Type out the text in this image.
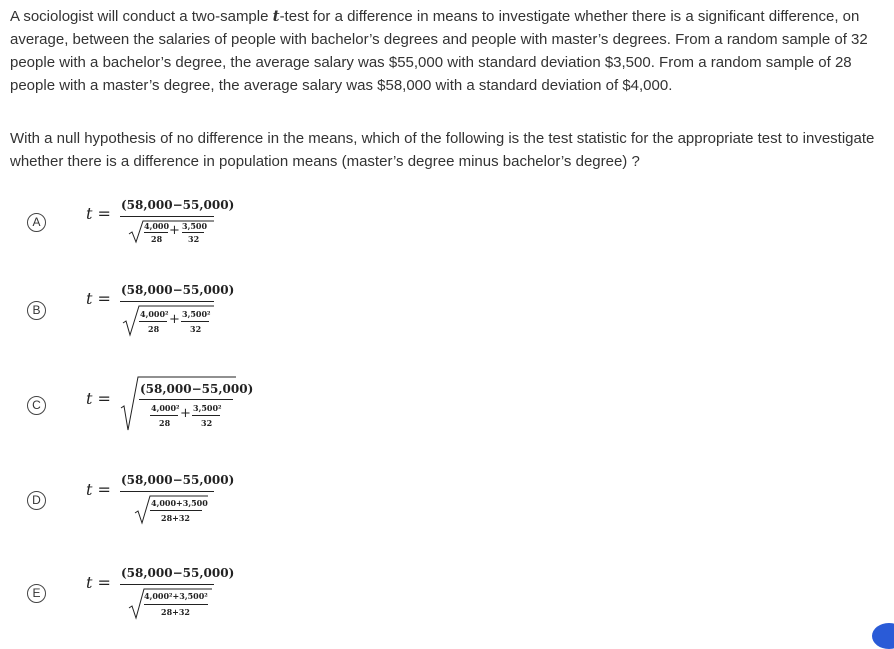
A sociologist will conduct a two-sample t-test for a difference in means to investigate whether there is a significant difference, on average, between the salaries of people with bachelor’s degrees and people with master’s degrees. From a random sample of 32 people with a bachelor’s degree, the average salary was $55,000 with standard deviation $3,500. From a random sample of 28 people with a master’s degree, the average salary was $58,000 with a standard deviation of $4,000.

With a null hypothesis of no difference in the means, which of the following is the test statistic for the appropriate test to investigate whether there is a difference in population means (master’s degree minus bachelor’s degree) ?

A	t = (58,000−55,000)
4,000
28
+ 3,500
32
B
t = (58,000−55,000)
4,000²
28
+ 3,500²
32
C	t = (58,000−55,000)
4,000²
28
+ 3,500²
32
D
t = (58,000−55,000)
4,000+3,500
28+32
E
t = (58,000−55,000)
4,000²+3,500²
28+32
